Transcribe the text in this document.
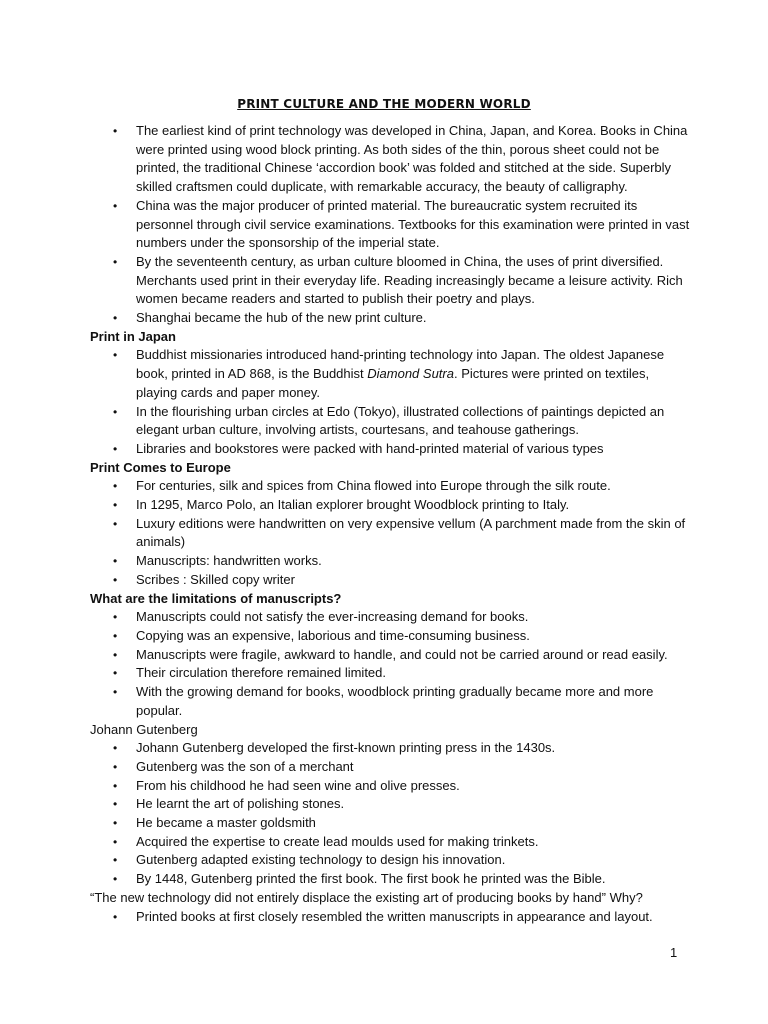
PRINT CULTURE AND THE MODERN WORLD
• The earliest kind of print technology was developed in China, Japan, and Korea. Books in China were printed using wood block printing. As both sides of the thin, porous sheet could not be printed, the traditional Chinese ‘accordion book’ was folded and stitched at the side. Superbly skilled craftsmen could duplicate, with remarkable accuracy, the beauty of calligraphy.
• China was the major producer of printed material. The bureaucratic system recruited its personnel through civil service examinations. Textbooks for this examination were printed in vast numbers under the sponsorship of the imperial state.
• By the seventeenth century, as urban culture bloomed in China, the uses of print diversified. Merchants used print in their everyday life. Reading increasingly became a leisure activity. Rich women became readers and started to publish their poetry and plays.
• Shanghai became the hub of the new print culture.
Print in Japan
• Buddhist missionaries introduced hand-printing technology into Japan. The oldest Japanese book, printed in AD 868, is the Buddhist Diamond Sutra. Pictures were printed on textiles, playing cards and paper money.
• In the flourishing urban circles at Edo (Tokyo), illustrated collections of paintings depicted an elegant urban culture, involving artists, courtesans, and teahouse gatherings.
• Libraries and bookstores were packed with hand-printed material of various types
Print Comes to Europe
• For centuries, silk and spices from China flowed into Europe through the silk route.
• In 1295, Marco Polo, an Italian explorer brought Woodblock printing to Italy.
• Luxury editions were handwritten on very expensive vellum (A parchment made from the skin of animals)
• Manuscripts: handwritten works.
• Scribes : Skilled copy writer
What are the limitations of manuscripts?
• Manuscripts could not satisfy the ever-increasing demand for books.
• Copying was an expensive, laborious and time-consuming business.
• Manuscripts were fragile, awkward to handle, and could not be carried around or read easily.
• Their circulation therefore remained limited.
• With the growing demand for books, woodblock printing gradually became more and more popular.
Johann Gutenberg
• Johann Gutenberg developed the first-known printing press in the 1430s.
• Gutenberg was the son of a merchant
• From his childhood he had seen wine and olive presses.
• He learnt the art of polishing stones.
• He became a master goldsmith
• Acquired the expertise to create lead moulds used for making trinkets.
• Gutenberg adapted existing technology to design his innovation.
• By 1448, Gutenberg printed the first book. The first book he printed was the Bible.
“The new technology did not entirely displace the existing art of producing books by hand” Why?
• Printed books at first closely resembled the written manuscripts in appearance and layout.
1
